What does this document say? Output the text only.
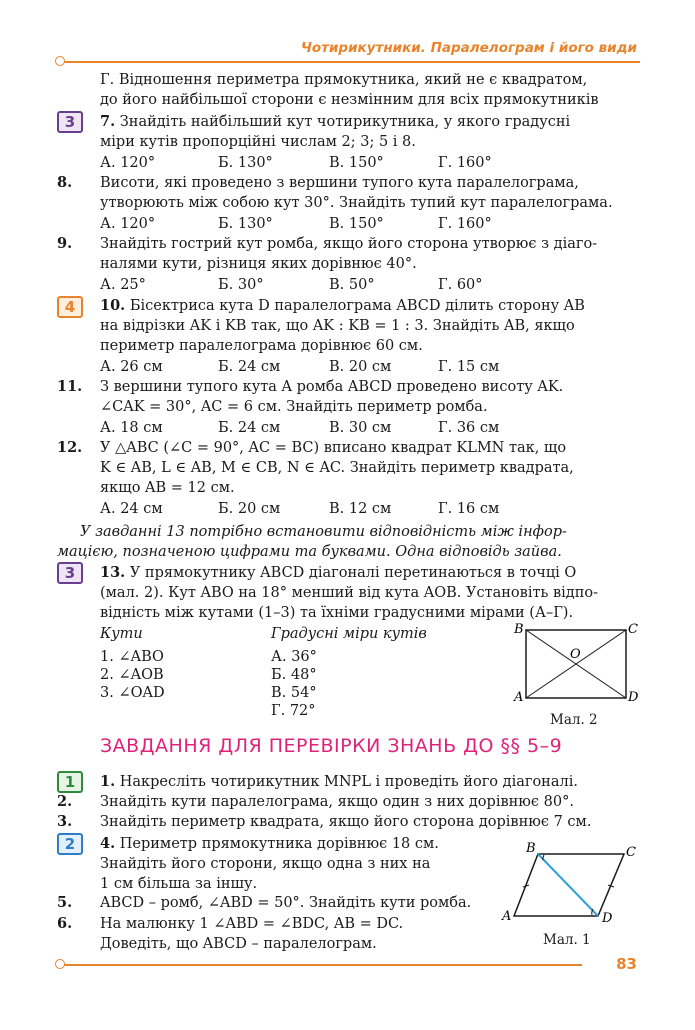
Чотирикутники. Паралелограм і його види
Г. Відношення периметра прямокутника, який не є квадратом,
до його найбільшої сторони є незмінним для всіх прямокутників
3	7. Знайдіть найбільший кут чотирикутника, у якого градусні
міри кутів пропорційні числам 2; 3; 5 і 8.
А. 120°	Б. 130°	В. 150°	Г. 160°
8. Висоти, які проведено з вершини тупого кута паралелограма,
утворюють між собою кут 30°. Знайдіть тупий кут паралелограма.
А. 120°	Б. 130°	В. 150°	Г. 160°
9. Знайдіть гострий кут ромба, якщо його сторона утворює з діаго-
налями кути, різниця яких дорівнює 40°.
А. 25°	Б. 30°	В. 50°	Г. 60°
4	10. Бісектриса кута D паралелограма ABCD ділить сторону AB
на відрізки AK і KB так, що AK : KB = 1 : 3. Знайдіть AB, якщо
периметр паралелограма дорівнює 60 см.
А. 26 см	Б. 24 см	В. 20 см	Г. 15 см
11. З вершини тупого кута A ромба ABCD проведено висоту AK.
∠CAK = 30°, AC = 6 см. Знайдіть периметр ромба.
А. 18 см	Б. 24 см	В. 30 см	Г. 36 см
12. У △ABC (∠C = 90°, AC = BC) вписано квадрат KLMN так, що
K ∈ AB, L ∈ AB, M ∈ CB, N ∈ AC. Знайдіть периметр квадрата,
якщо AB = 12 см.
А. 24 см	Б. 20 см	В. 12 см	Г. 16 см
У завданні 13 потрібно встановити відповідність між інфор-
мацією, позначеною цифрами та буквами. Одна відповідь зайва.
3	13. У прямокутнику ABCD діагоналі перетинаються в точці O
(мал. 2). Кут ABO на 18° менший від кута AOB. Установіть відпо-
відність між кутами (1–3) та їхніми градусними мірами (А–Г).
Кути	Градусні міри кутів
1. ∠ABO
2. ∠AOB
3. ∠OAD
А. 36°
Б. 48°
В. 54°
Г. 72°
B	C
A	D
O
Мал. 2
ЗАВДАННЯ ДЛЯ ПЕРЕВІРКИ ЗНАНЬ ДО §§ 5–9
1	1. Накресліть чотирикутник MNPL і проведіть його діагоналі.
2. Знайдіть кути паралелограма, якщо один з них дорівнює 80°.
3. Знайдіть периметр квадрата, якщо його сторона дорівнює 7 см.
2	4. Периметр прямокутника дорівнює 18 см.
Знайдіть його сторони, якщо одна з них на
1 см більша за іншу.
5. ABCD – ромб, ∠ABD = 50°. Знайдіть кути ромба.
6. На малюнку 1 ∠ABD = ∠BDC, AB = DC.
Доведіть, що ABCD – паралелограм.
B	C
A	D
Мал. 1
83
